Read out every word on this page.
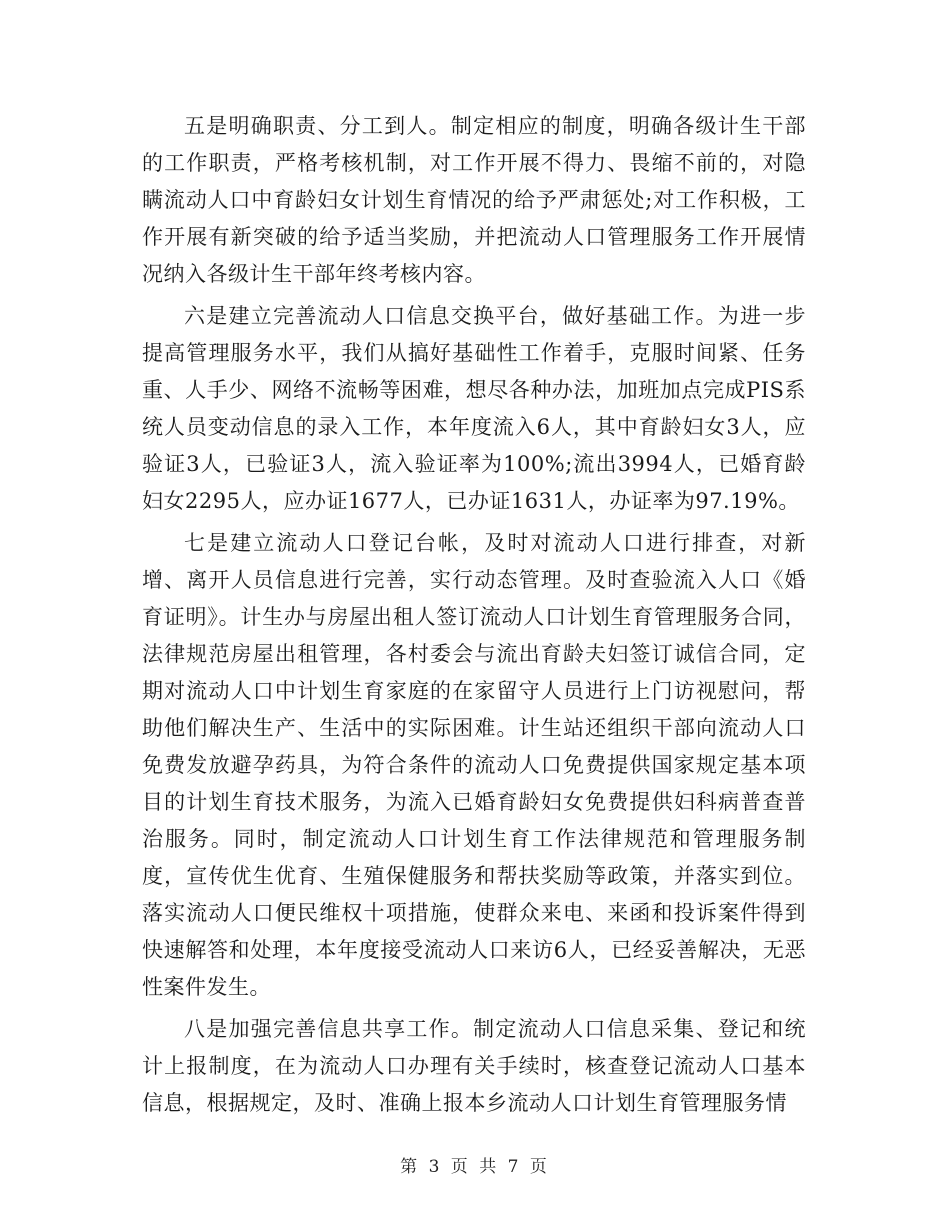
五是明确职责、分工到人。制定相应的制度，明确各级计生干部的工作职责，严格考核机制，对工作开展不得力、畏缩不前的，对隐瞒流动人口中育龄妇女计划生育情况的给予严肃惩处;对工作积极，工作开展有新突破的给予适当奖励，并把流动人口管理服务工作开展情况纳入各级计生干部年终考核内容。

六是建立完善流动人口信息交换平台，做好基础工作。为进一步提高管理服务水平，我们从搞好基础性工作着手，克服时间紧、任务重、人手少、网络不流畅等困难，想尽各种办法，加班加点完成PIS系统人员变动信息的录入工作，本年度流入6人，其中育龄妇女3人，应验证3人，已验证3人，流入验证率为100%;流出3994人，已婚育龄妇女2295人，应办证1677人，已办证1631人，办证率为97.19%。

七是建立流动人口登记台帐，及时对流动人口进行排查，对新增、离开人员信息进行完善，实行动态管理。及时查验流入人口《婚育证明》。计生办与房屋出租人签订流动人口计划生育管理服务合同，法律规范房屋出租管理，各村委会与流出育龄夫妇签订诚信合同，定期对流动人口中计划生育家庭的在家留守人员进行上门访视慰问，帮助他们解决生产、生活中的实际困难。计生站还组织干部向流动人口免费发放避孕药具，为符合条件的流动人口免费提供国家规定基本项目的计划生育技术服务，为流入已婚育龄妇女免费提供妇科病普查普治服务。同时，制定流动人口计划生育工作法律规范和管理服务制度，宣传优生优育、生殖保健服务和帮扶奖励等政策，并落实到位。落实流动人口便民维权十项措施，使群众来电、来函和投诉案件得到快速解答和处理，本年度接受流动人口来访6人，已经妥善解决，无恶性案件发生。

八是加强完善信息共享工作。制定流动人口信息采集、登记和统计上报制度，在为流动人口办理有关手续时，核查登记流动人口基本信息，根据规定，及时、准确上报本乡流动人口计划生育管理服务情

第 3 页 共 7 页
